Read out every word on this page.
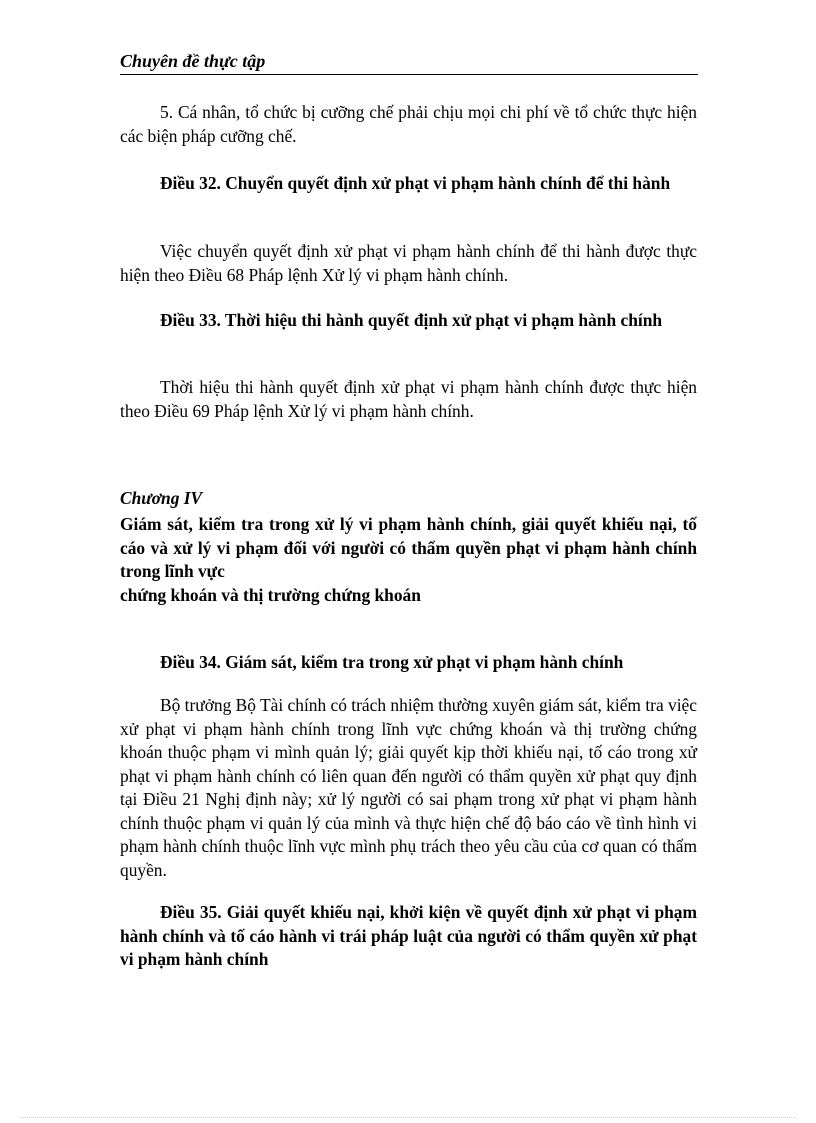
Chuyên đề thực tập
5. Cá nhân, tổ chức bị cưỡng chế phải chịu mọi chi phí về tổ chức thực hiện các biện pháp cưỡng chế.
Điều 32. Chuyển quyết định xử phạt vi phạm hành chính để thi hành
Việc chuyển quyết định xử phạt vi phạm hành chính để thi hành được thực hiện theo Điều 68 Pháp lệnh Xử lý vi phạm hành chính.
Điều 33. Thời hiệu thi hành quyết định xử phạt vi phạm hành chính
Thời hiệu thi hành quyết định xử phạt vi phạm hành chính được thực hiện theo Điều 69 Pháp lệnh Xử lý vi phạm hành chính.
Chương IV
Giám sát, kiểm tra trong xử lý vi phạm hành chính, giải quyết khiếu nại, tố cáo và xử lý vi phạm đối với người có thẩm quyền phạt vi phạm hành chính trong lĩnh vực
chứng khoán và thị trường chứng khoán
Điều 34. Giám sát, kiểm tra trong xử phạt vi phạm hành chính
Bộ trưởng Bộ Tài chính có trách nhiệm thường xuyên giám sát, kiểm tra việc xử phạt vi phạm hành chính trong lĩnh vực chứng khoán và thị trường chứng khoán thuộc phạm vi mình quản lý; giải quyết kịp thời khiếu nại, tố cáo trong xử phạt vi phạm hành chính có liên quan đến người có thẩm quyền xử phạt quy định tại Điều 21 Nghị định này; xử lý người có sai phạm trong xử phạt vi phạm hành chính thuộc phạm vi quản lý của mình và thực hiện chế độ báo cáo về tình hình vi phạm hành chính thuộc lĩnh vực mình phụ trách theo yêu cầu của cơ quan có thẩm quyền.
Điều 35. Giải quyết khiếu nại, khởi kiện về quyết định xử phạt vi phạm hành chính và tố cáo hành vi trái pháp luật của người có thẩm quyền xử phạt vi phạm hành chính
